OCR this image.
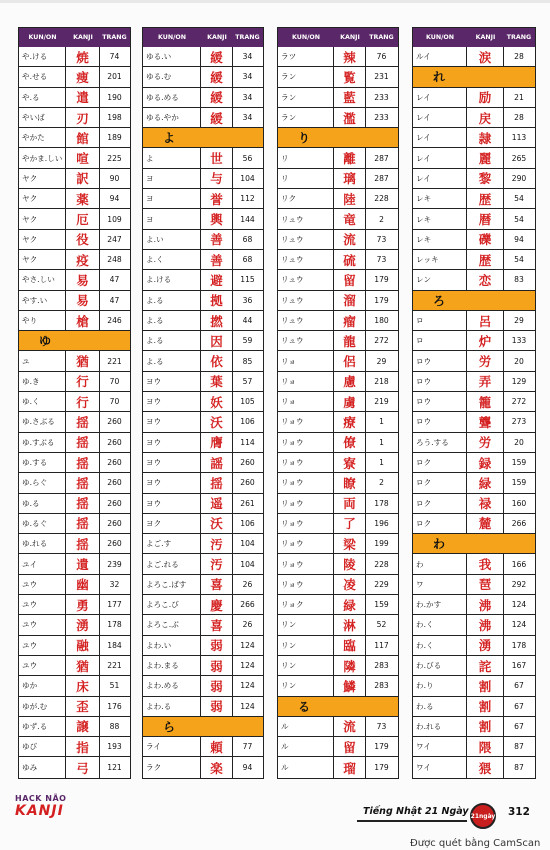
KUN/ON	KANJI	TRANG
や.ける	焼	74
や.せる	痩	201
や.る	遣	190
やいば	刃	198
やかた	館	189
やかま.しい	喧	225
ヤク	訳	90
ヤク	薬	94
ヤク	厄	109
ヤク	役	247
ヤク	疫	248
やさ.しい	易	47
やす.い	易	47
やり	槍	246
ゆ
ユ	猶	221
ゆ.き	行	70
ゆ.く	行	70
ゆ.さぶる	揺	260
ゆ.すぶる	揺	260
ゆ.する	揺	260
ゆ.らぐ	揺	260
ゆ.る	揺	260
ゆ.るぐ	揺	260
ゆ.れる	揺	260
ユイ	遺	239
ユウ	幽	32
ユウ	勇	177
ユウ	湧	178
ユウ	融	184
ユウ	猶	221
ゆか	床	51
ゆが.む	歪	176
ゆず.る	譲	88
ゆび	指	193
ゆみ	弓	121
KUN/ON	KANJI	TRANG
ゆる.い	緩	34
ゆる.む	緩	34
ゆる.める	緩	34
ゆる.やか	緩	34
よ
よ	世	56
ヨ	与	104
ヨ	誉	112
ヨ	輿	144
よ.い	善	68
よ.く	善	68
よ.ける	避	115
よ.る	拠	36
よ.る	撚	44
よ.る	因	59
よ.る	依	85
ヨウ	葉	57
ヨウ	妖	105
ヨウ	沃	106
ヨウ	膺	114
ヨウ	謡	260
ヨウ	揺	260
ヨウ	遥	261
ヨク	沃	106
よご.す	汚	104
よご.れる	汚	104
よろこ.ばす	喜	26
よろこ.び	慶	266
よろこ.ぶ	喜	26
よわ.い	弱	124
よわ.まる	弱	124
よわ.める	弱	124
よわ.る	弱	124
ら
ライ	頼	77
ラク	楽	94
KUN/ON	KANJI	TRANG
ラツ	辣	76
ラン	覧	231
ラン	藍	233
ラン	濫	233
り
リ	離	287
リ	璃	287
リク	陸	228
リュウ	竜	2
リュウ	流	73
リュウ	硫	73
リュウ	留	179
リュウ	溜	179
リュウ	瘤	180
リュウ	龍	272
リョ	侶	29
リョ	慮	218
リョ	虜	219
リョウ	療	1
リョウ	僚	1
リョウ	寮	1
リョウ	瞭	2
リョウ	両	178
リョウ	了	196
リョウ	梁	199
リョウ	陵	228
リョウ	凌	229
リョク	緑	159
リン	淋	52
リン	臨	117
リン	隣	283
リン	鱗	283
る
ル	流	73
ル	留	179
ル	瑠	179
KUN/ON	KANJI	TRANG
ルイ	涙	28
れ
レイ	励	21
レイ	戻	28
レイ	隷	113
レイ	麗	265
レイ	黎	290
レキ	歴	54
レキ	暦	54
レキ	礫	94
レッキ	歴	54
レン	恋	83
ろ
ロ	呂	29
ロ	炉	133
ロウ	労	20
ロウ	弄	129
ロウ	籠	272
ロウ	聾	273
ろう.する	労	20
ロク	録	159
ロク	緑	159
ロク	禄	160
ロク	麓	266
わ
わ	我	166
ワ	琶	292
わ.かす	沸	124
わ.く	沸	124
わ.く	湧	178
わ.びる	詫	167
わ.り	割	67
わ.る	割	67
わ.れる	割	67
ワイ	隈	87
ワイ	猥	87
HACK NÃO
KANJI	Tiếng Nhật 21 Ngày 21ngày 312
Được quét bằng CamScan
